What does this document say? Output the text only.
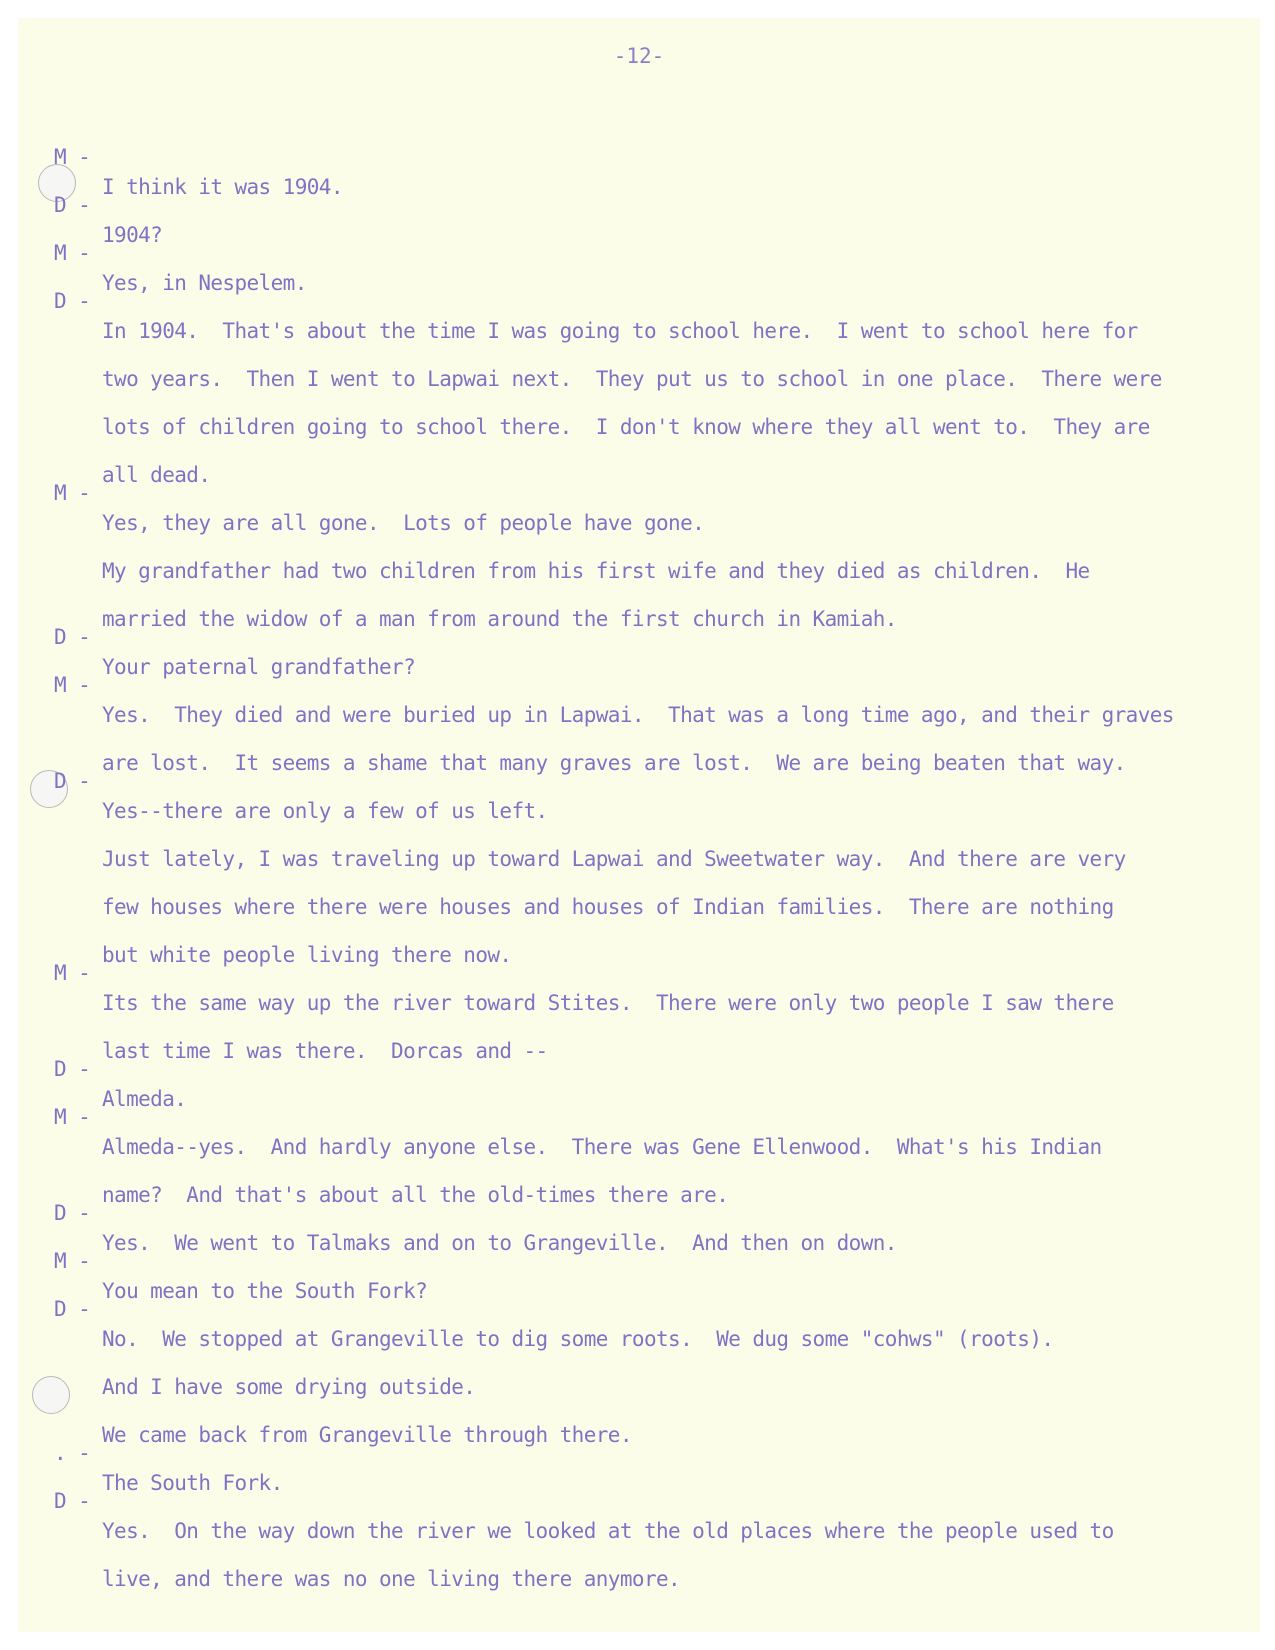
-12-

M -

I think it was 1904.

D -

1904?

M -

Yes, in Nespelem.

D -

In 1904.  That's about the time I was going to school here.  I went to school here for

two years.  Then I went to Lapwai next.  They put us to school in one place.  There were

lots of children going to school there.  I don't know where they all went to.  They are

all dead.

M -

Yes, they are all gone.  Lots of people have gone.

My grandfather had two children from his first wife and they died as children.  He

married the widow of a man from around the first church in Kamiah.

D -

Your paternal grandfather?

M -

Yes.  They died and were buried up in Lapwai.  That was a long time ago, and their graves

are lost.  It seems a shame that many graves are lost.  We are being beaten that way.

D -

Yes--there are only a few of us left.

Just lately, I was traveling up toward Lapwai and Sweetwater way.  And there are very

few houses where there were houses and houses of Indian families.  There are nothing

but white people living there now.

M -

Its the same way up the river toward Stites.  There were only two people I saw there

last time I was there.  Dorcas and --

D -

Almeda.

M -

Almeda--yes.  And hardly anyone else.  There was Gene Ellenwood.  What's his Indian

name?  And that's about all the old-times there are.

D -

Yes.  We went to Talmaks and on to Grangeville.  And then on down.

M -

You mean to the South Fork?

D -

No.  We stopped at Grangeville to dig some roots.  We dug some "cohws" (roots).

And I have some drying outside.

We came back from Grangeville through there.

. -

The South Fork.

D -

Yes.  On the way down the river we looked at the old places where the people used to

live, and there was no one living there anymore.
